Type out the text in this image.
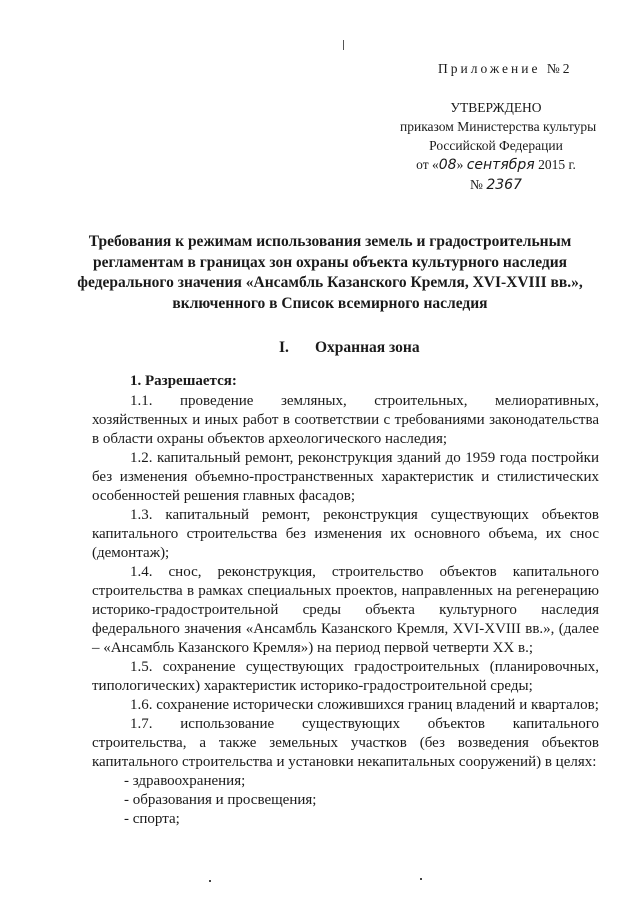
Приложение №2
УТВЕРЖДЕНО
приказом Министерства культуры
Российской Федерации
от «08» сентября 2015 г.
№ 2367
Требования к режимам использования земель и градостроительным
регламентам в границах зон охраны объекта культурного наследия
федерального значения «Ансамбль Казанского Кремля, XVI-XVIII вв.»,
включенного в Список всемирного наследия
I. Охранная зона
1. Разрешается:

1.1. проведение земляных, строительных, мелиоративных, хозяйственных и иных работ в соответствии с требованиями законодательства в области охраны объектов археологического наследия;

1.2. капитальный ремонт, реконструкция зданий до 1959 года постройки без изменения объемно-пространственных характеристик и стилистических особенностей решения главных фасадов;

1.3. капитальный ремонт, реконструкция существующих объектов капитального строительства без изменения их основного объема, их снос (демонтаж);

1.4. снос, реконструкция, строительство объектов капитального строительства в рамках специальных проектов, направленных на регенерацию историко-градостроительной среды объекта культурного наследия федерального значения «Ансамбль Казанского Кремля, XVI-XVIII вв.», (далее – «Ансамбль Казанского Кремля») на период первой четверти XX в.;

1.5. сохранение существующих градостроительных (планировочных, типологических) характеристик историко-градостроительной среды;

1.6. сохранение исторически сложившихся границ владений и кварталов;

1.7. использование существующих объектов капитального строительства, а также земельных участков (без возведения объектов капитального строительства и установки некапитальных сооружений) в целях:

- здравоохранения;

- образования и просвещения;

- спорта;
